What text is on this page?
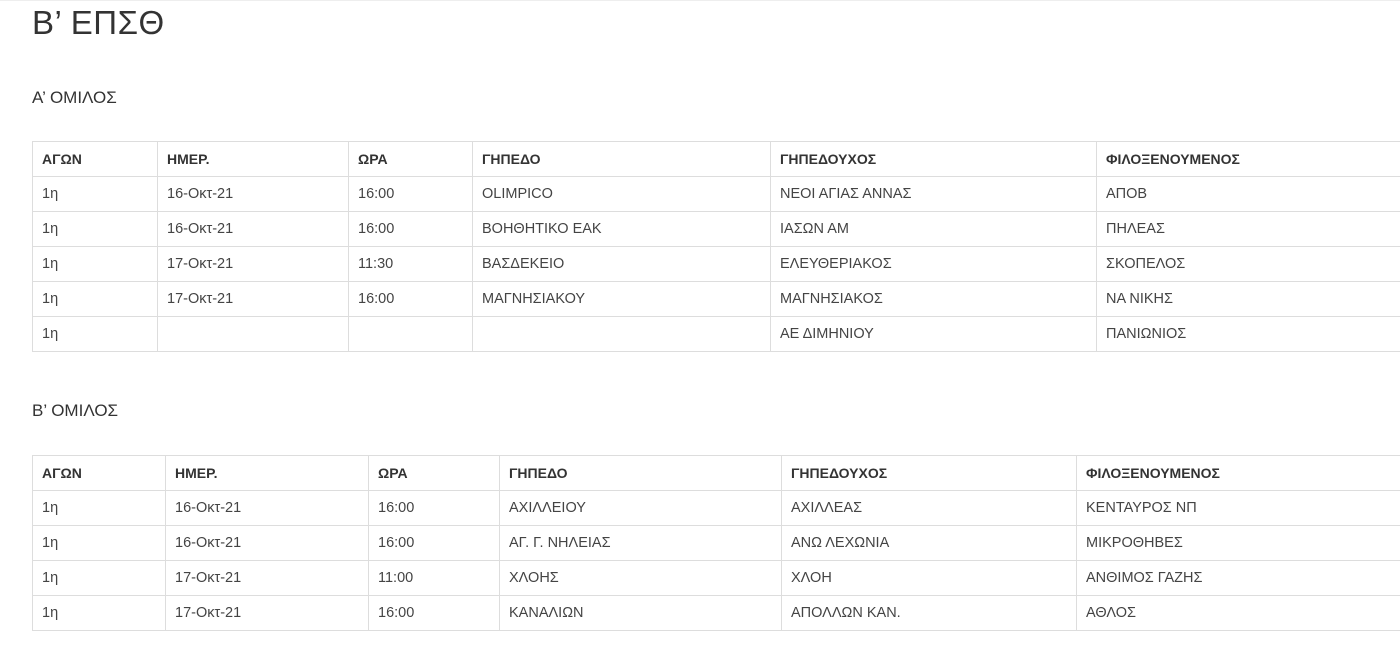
Β’ ΕΠΣΘ
Α’ ΟΜΙΛΟΣ
ΑΓΩΝ	ΗΜΕΡ.	ΩΡΑ	ΓΗΠΕΔΟ	ΓΗΠΕΔΟΥΧΟΣ	ΦΙΛΟΞΕΝΟΥΜΕΝΟΣ
1η	16-Οκτ-21	16:00	OLIMPICO	ΝΕΟΙ ΑΓΙΑΣ ΑΝΝΑΣ	ΑΠΟΒ
1η	16-Οκτ-21	16:00	ΒΟΗΘΗΤΙΚΟ ΕΑΚ	ΙΑΣΩΝ ΑΜ	ΠΗΛΕΑΣ
1η	17-Οκτ-21	11:30	ΒΑΣΔΕΚΕΙΟ	ΕΛΕΥΘΕΡΙΑΚΟΣ	ΣΚΟΠΕΛΟΣ
1η	17-Οκτ-21	16:00	ΜΑΓΝΗΣΙΑΚΟΥ	ΜΑΓΝΗΣΙΑΚΟΣ	ΝΑ ΝΙΚΗΣ
1η				ΑΕ ΔΙΜΗΝΙΟΥ	ΠΑΝΙΩΝΙΟΣ
Β’ ΟΜΙΛΟΣ
ΑΓΩΝ	ΗΜΕΡ.	ΩΡΑ	ΓΗΠΕΔΟ	ΓΗΠΕΔΟΥΧΟΣ	ΦΙΛΟΞΕΝΟΥΜΕΝΟΣ
1η	16-Οκτ-21	16:00	ΑΧΙΛΛΕΙΟΥ	ΑΧΙΛΛΕΑΣ	ΚΕΝΤΑΥΡΟΣ ΝΠ
1η	16-Οκτ-21	16:00	ΑΓ. Γ. ΝΗΛΕΙΑΣ	ΑΝΩ ΛΕΧΩΝΙΑ	ΜΙΚΡΟΘΗΒΕΣ
1η	17-Οκτ-21	11:00	ΧΛΟΗΣ	ΧΛΟΗ	ΑΝΘΙΜΟΣ ΓΑΖΗΣ
1η	17-Οκτ-21	16:00	ΚΑΝΑΛΙΩΝ	ΑΠΟΛΛΩΝ ΚΑΝ.	ΑΘΛΟΣ
